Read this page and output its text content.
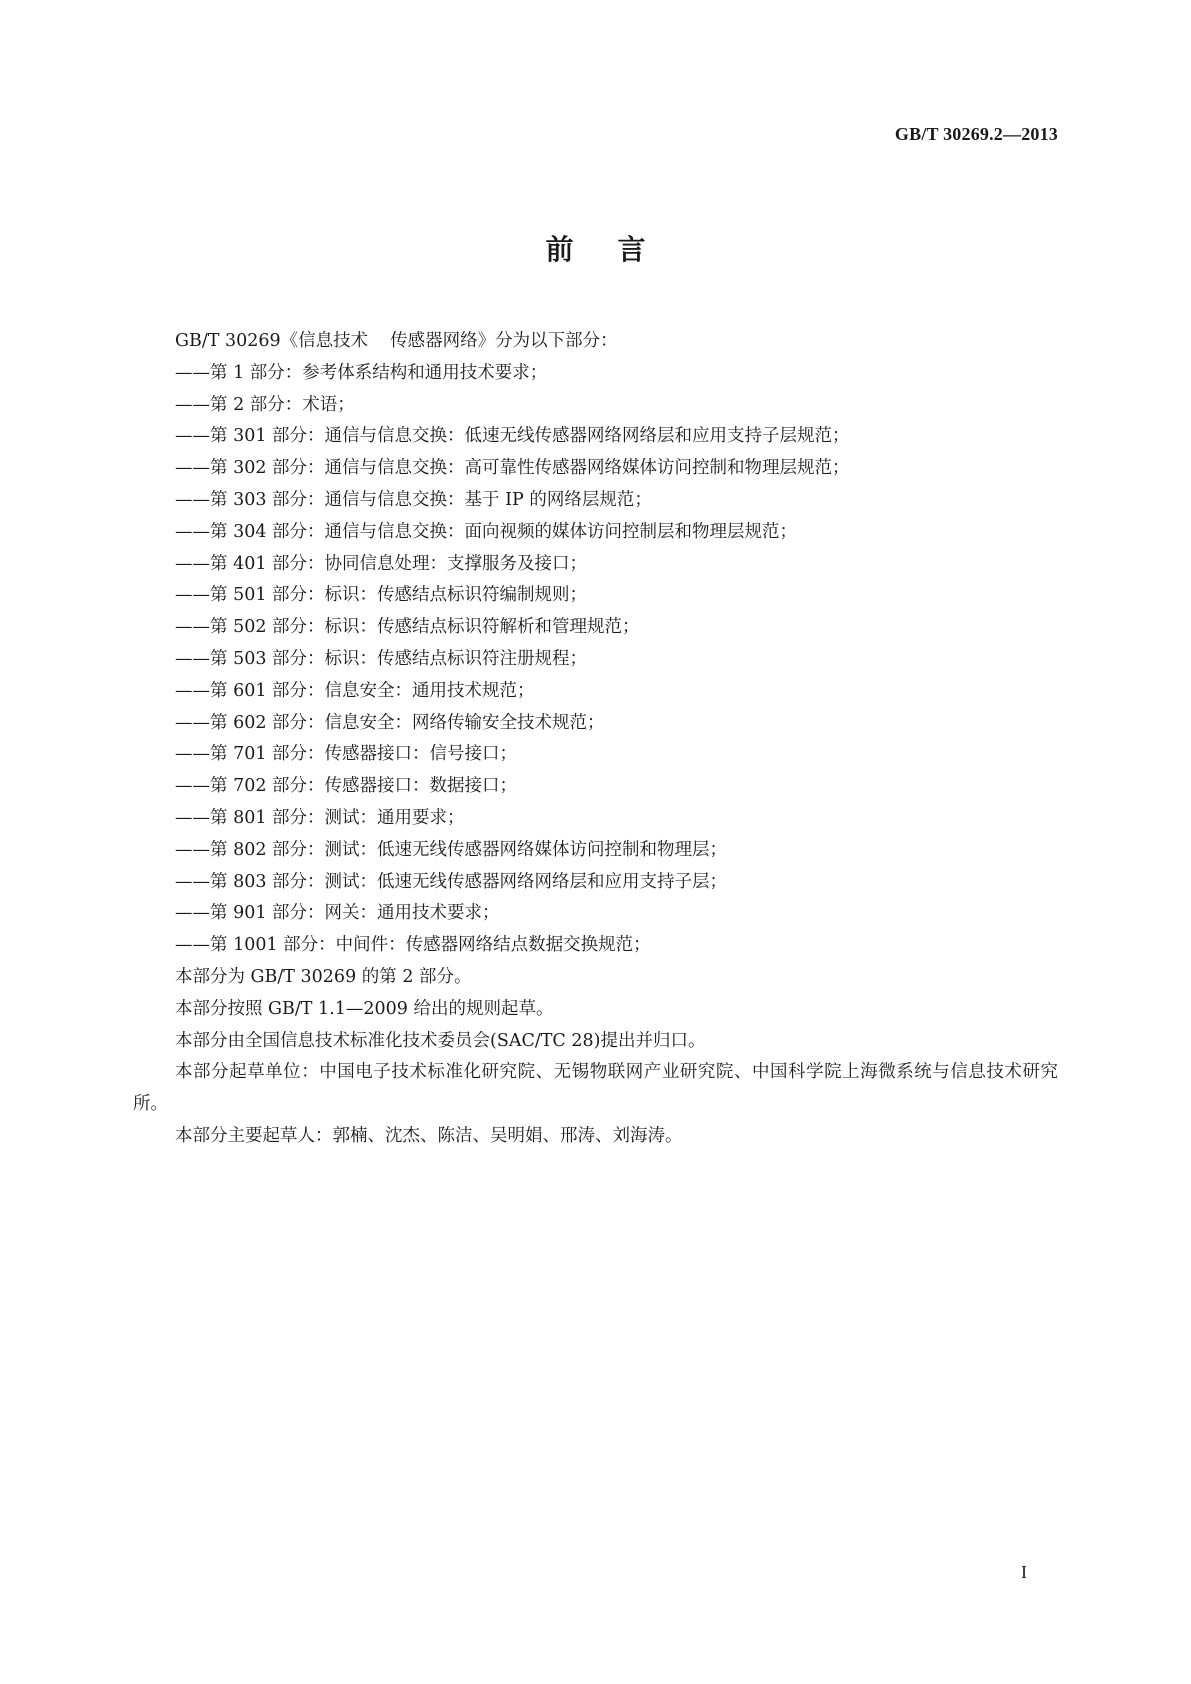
GB/T 30269.2—2013
前言

GB/T 30269《信息技术 传感器网络》分为以下部分：

——第 1 部分：参考体系结构和通用技术要求；

——第 2 部分：术语；

——第 301 部分：通信与信息交换：低速无线传感器网络网络层和应用支持子层规范；

——第 302 部分：通信与信息交换：高可靠性传感器网络媒体访问控制和物理层规范；

——第 303 部分：通信与信息交换：基于 IP 的网络层规范；

——第 304 部分：通信与信息交换：面向视频的媒体访问控制层和物理层规范；

——第 401 部分：协同信息处理：支撑服务及接口；

——第 501 部分：标识：传感结点标识符编制规则；

——第 502 部分：标识：传感结点标识符解析和管理规范；

——第 503 部分：标识：传感结点标识符注册规程；

——第 601 部分：信息安全：通用技术规范；

——第 602 部分：信息安全：网络传输安全技术规范；

——第 701 部分：传感器接口：信号接口；

——第 702 部分：传感器接口：数据接口；

——第 801 部分：测试：通用要求；

——第 802 部分：测试：低速无线传感器网络媒体访问控制和物理层；

——第 803 部分：测试：低速无线传感器网络网络层和应用支持子层；

——第 901 部分：网关：通用技术要求；

——第 1001 部分：中间件：传感器网络结点数据交换规范；

本部分为 GB/T 30269 的第 2 部分。

本部分按照 GB/T 1.1—2009 给出的规则起草。

本部分由全国信息技术标准化技术委员会(SAC/TC 28)提出并归口。

本部分起草单位：中国电子技术标准化研究院、无锡物联网产业研究院、中国科学院上海微系统与信息技术研究所。

本部分主要起草人：郭楠、沈杰、陈洁、吴明娟、邢涛、刘海涛。

I
